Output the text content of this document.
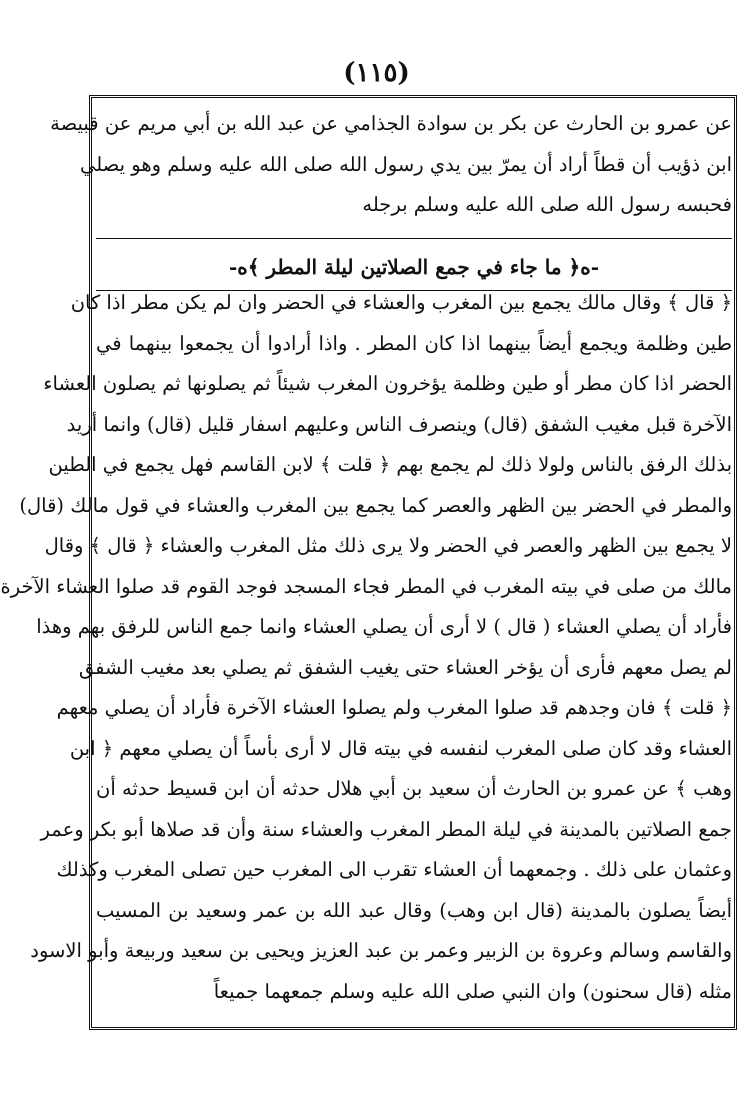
(١١٥)
عن عمرو بن الحارث عن بكر بن سوادة الجذامي عن عبد الله بن أبي مريم عن قبيصة
ابن ذؤيب أن قطاً أراد أن يمرّ بين يدي رسول الله صلى الله عليه وسلم وهو يصلي
فحبسه رسول الله صلى الله عليه وسلم برجله
-ه﴿ ما جاء في جمع الصلاتين ليلة المطر ﴾ه-
﴿ قال ﴾ وقال مالك يجمع بين المغرب والعشاء في الحضر وان لم يكن مطر اذا كان
طين وظلمة ويجمع أيضاً بينهما اذا كان المطر . واذا أرادوا أن يجمعوا بينهما في
الحضر اذا كان مطر أو طين وظلمة يؤخرون المغرب شيئاً ثم يصلونها ثم يصلون العشاء
الآخرة قبل مغيب الشفق (قال) وينصرف الناس وعليهم اسفار قليل (قال) وانما أريد
بذلك الرفق بالناس ولولا ذلك لم يجمع بهم ﴿ قلت ﴾ لابن القاسم فهل يجمع في الطين
والمطر في الحضر بين الظهر والعصر كما يجمع بين المغرب والعشاء في قول مالك (قال)
لا يجمع بين الظهر والعصر في الحضر ولا يرى ذلك مثل المغرب والعشاء ﴿ قال ﴾ وقال
مالك من صلى في بيته المغرب في المطر فجاء المسجد فوجد القوم قد صلوا العشاء الآخرة
فأراد أن يصلي العشاء ( قال ) لا أرى أن يصلي العشاء وانما جمع الناس للرفق بهم وهذا
لم يصل معهم فأرى أن يؤخر العشاء حتى يغيب الشفق ثم يصلي بعد مغيب الشفق
﴿ قلت ﴾ فان وجدهم قد صلوا المغرب ولم يصلوا العشاء الآخرة فأراد أن يصلي معهم
العشاء وقد كان صلى المغرب لنفسه في بيته قال لا أرى بأساً أن يصلي معهم ﴿ ابن
وهب ﴾ عن عمرو بن الحارث أن سعيد بن أبي هلال حدثه أن ابن قسيط حدثه أن
جمع الصلاتين بالمدينة في ليلة المطر المغرب والعشاء سنة وأن قد صلاها أبو بكر وعمر
وعثمان على ذلك . وجمعهما أن العشاء تقرب الى المغرب حين تصلى المغرب وكذلك
أيضاً يصلون بالمدينة (قال ابن وهب) وقال عبد الله بن عمر وسعيد بن المسيب
والقاسم وسالم وعروة بن الزبير وعمر بن عبد العزيز ويحيى بن سعيد وربيعة وأبو الاسود
مثله (قال سحنون) وان النبي صلى الله عليه وسلم جمعهما جميعاً
